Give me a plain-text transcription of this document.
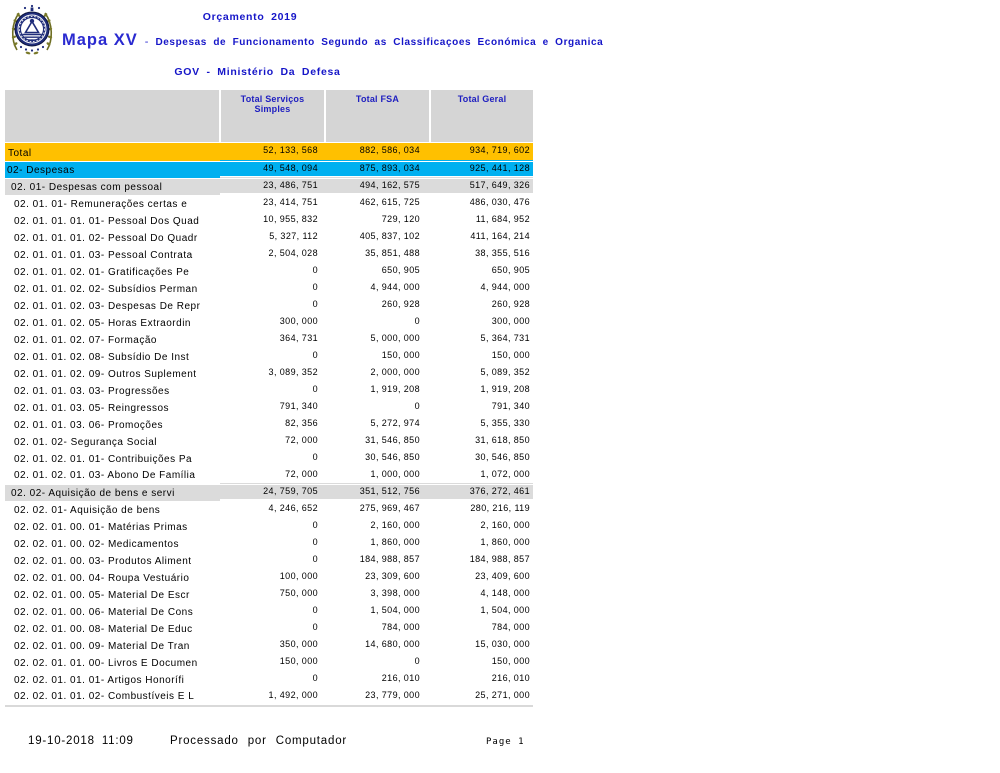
Orçamento 2019
Mapa XV - Despesas de Funcionamento Segundo as Classificaçoes Económica e Organica
GOV - Ministério Da Defesa
	Total Serviços Simples	Total FSA	Total Geral
Total	52, 133, 568	882, 586, 034	934, 719, 602
02- Despesas	49, 548, 094	875, 893, 034	925, 441, 128
02. 01- Despesas com pessoal	23, 486, 751	494, 162, 575	517, 649, 326
02. 01. 01- Remunerações certas e	23, 414, 751	462, 615, 725	486, 030, 476
02. 01. 01. 01. 01- Pessoal Dos Quad	10, 955, 832	729, 120	11, 684, 952
02. 01. 01. 01. 02- Pessoal Do Quadr	5, 327, 112	405, 837, 102	411, 164, 214
02. 01. 01. 01. 03- Pessoal Contrata	2, 504, 028	35, 851, 488	38, 355, 516
02. 01. 01. 02. 01- Gratificações Pe	0	650, 905	650, 905
02. 01. 01. 02. 02- Subsídios Perman	0	4, 944, 000	4, 944, 000
02. 01. 01. 02. 03- Despesas De Repr	0	260, 928	260, 928
02. 01. 01. 02. 05- Horas Extraordin	300, 000	0	300, 000
02. 01. 01. 02. 07- Formação	364, 731	5, 000, 000	5, 364, 731
02. 01. 01. 02. 08- Subsídio De Inst	0	150, 000	150, 000
02. 01. 01. 02. 09- Outros Suplement	3, 089, 352	2, 000, 000	5, 089, 352
02. 01. 01. 03. 03- Progressões	0	1, 919, 208	1, 919, 208
02. 01. 01. 03. 05- Reingressos	791, 340	0	791, 340
02. 01. 01. 03. 06- Promoções	82, 356	5, 272, 974	5, 355, 330
02. 01. 02- Segurança Social	72, 000	31, 546, 850	31, 618, 850
02. 01. 02. 01. 01- Contribuições Pa	0	30, 546, 850	30, 546, 850
02. 01. 02. 01. 03- Abono De Família	72, 000	1, 000, 000	1, 072, 000
02. 02- Aquisição de bens e servi	24, 759, 705	351, 512, 756	376, 272, 461
02. 02. 01- Aquisição de bens	4, 246, 652	275, 969, 467	280, 216, 119
02. 02. 01. 00. 01- Matérias Primas	0	2, 160, 000	2, 160, 000
02. 02. 01. 00. 02- Medicamentos	0	1, 860, 000	1, 860, 000
02. 02. 01. 00. 03- Produtos Aliment	0	184, 988, 857	184, 988, 857
02. 02. 01. 00. 04- Roupa Vestuário	100, 000	23, 309, 600	23, 409, 600
02. 02. 01. 00. 05- Material De Escr	750, 000	3, 398, 000	4, 148, 000
02. 02. 01. 00. 06- Material De Cons	0	1, 504, 000	1, 504, 000
02. 02. 01. 00. 08- Material De Educ	0	784, 000	784, 000
02. 02. 01. 00. 09- Material De Tran	350, 000	14, 680, 000	15, 030, 000
02. 02. 01. 01. 00- Livros E Documen	150, 000	0	150, 000
02. 02. 01. 01. 01- Artigos Honorífi	0	216, 010	216, 010
02. 02. 01. 01. 02- Combustíveis E L	1, 492, 000	23, 779, 000	25, 271, 000
19-10-2018 11:09	Processado por Computador	Page 1
